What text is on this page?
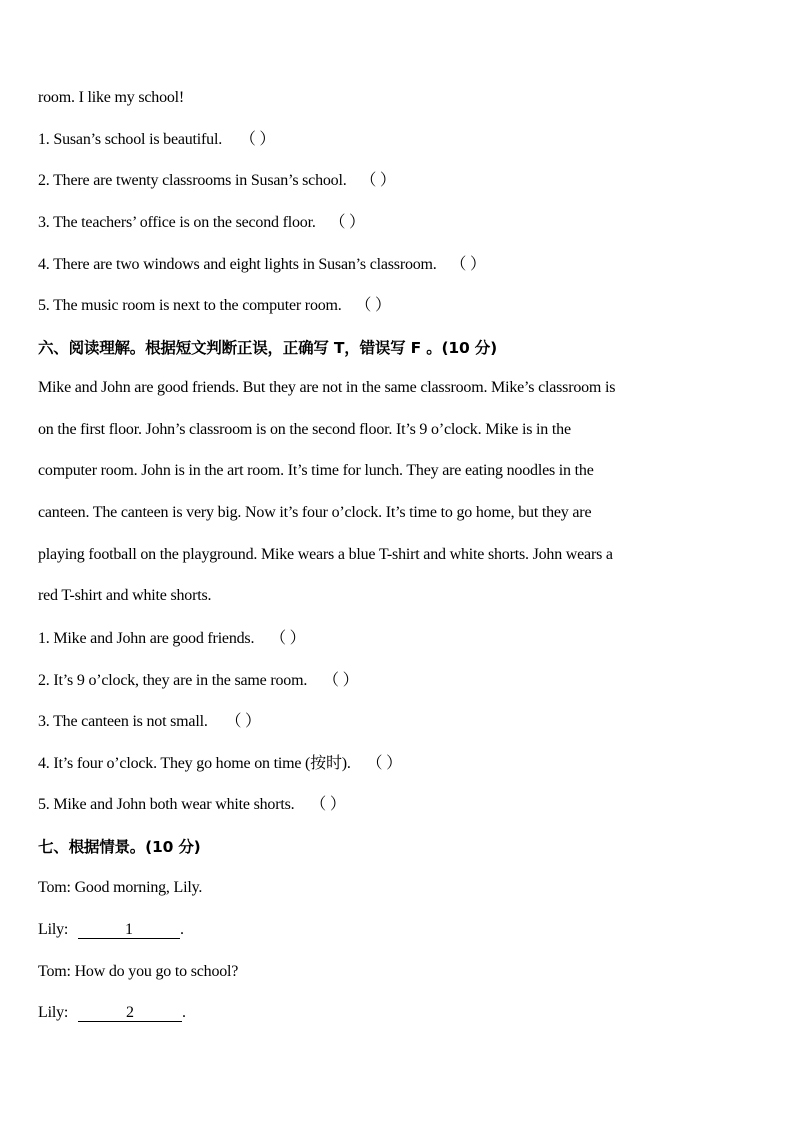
room. I like my school!
1. Susan’s school is beautiful. （ ）
2. There are twenty classrooms in Susan’s school. （ ）
3. The teachers’ office is on the second floor. （ ）
4. There are two windows and eight lights in Susan’s classroom. （ ）
5. The music room is next to the computer room. （ ）
六、阅读理解。根据短文判断正误，正确写 T，错误写 F 。(10 分)
Mike and John are good friends. But they are not in the same classroom. Mike’s classroom is
on the first floor. John’s classroom is on the second floor. It’s 9 o’clock. Mike is in the
computer room. John is in the art room. It’s time for lunch. They are eating noodles in the
canteen. The canteen is very big. Now it’s four o’clock. It’s time to go home, but they are
playing football on the playground. Mike wears a blue T-shirt and white shorts. John wears a
red T-shirt and white shorts.
1. Mike and John are good friends. （ ）
2. It’s 9 o’clock, they are in the same room. （ ）
3. The canteen is not small. （ ）
4. It’s four o’clock. They go home on time (按时). （ ）
5. Mike and John both wear white shorts. （ ）
七、根据情景。(10 分)
Tom: Good morning, Lily.
Lily:	1	.
Tom: How do you go to school?
Lily:	2	.
